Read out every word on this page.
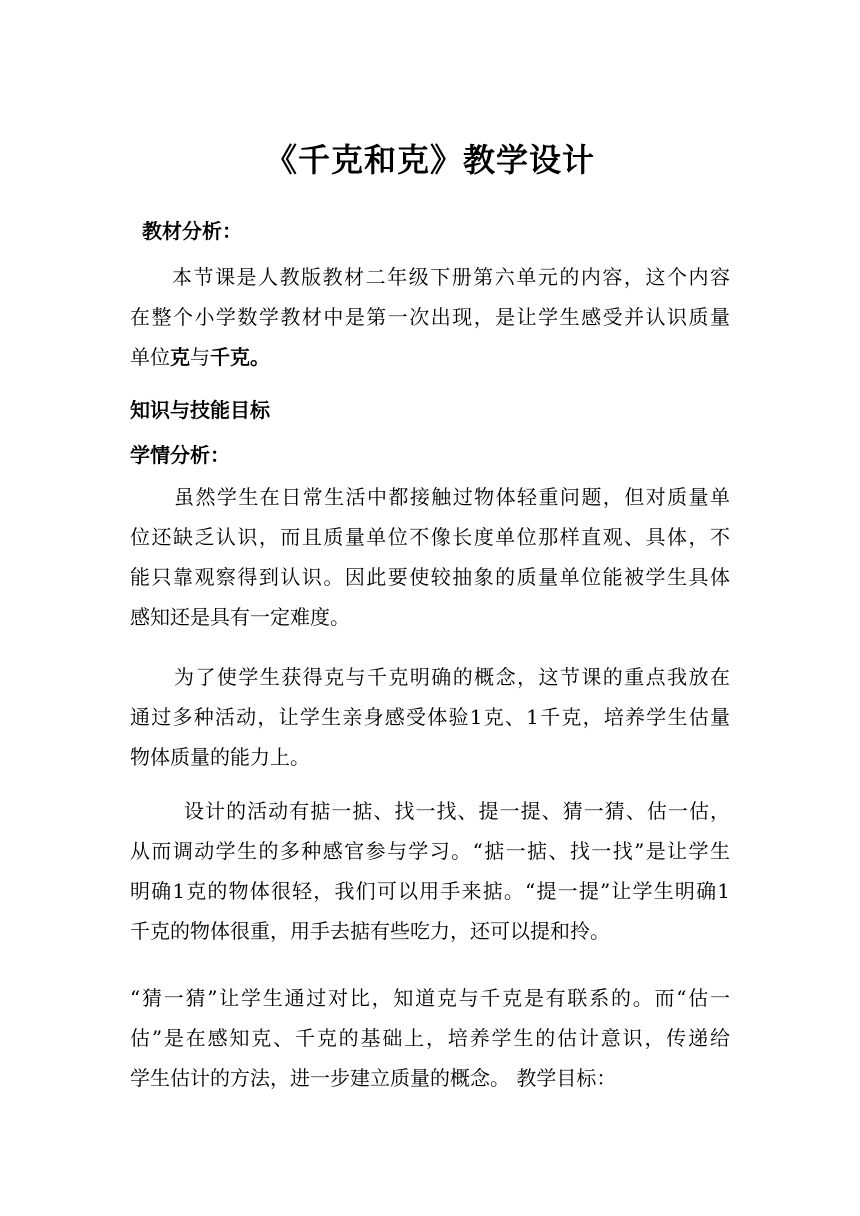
《千克和克》教学设计

教材分析：

本节课是人教版教材二年级下册第六单元的内容，这个内容
在整个小学数学教材中是第一次出现，是让学生感受并认识质量
单位克与千克。

知识与技能目标

学情分析：

虽然学生在日常生活中都接触过物体轻重问题，但对质量单
位还缺乏认识，而且质量单位不像长度单位那样直观、具体，不
能只靠观察得到认识。因此要使较抽象的质量单位能被学生具体
感知还是具有一定难度。
为了使学生获得克与千克明确的概念，这节课的重点我放在
通过多种活动，让学生亲身感受体验1克、1千克，培养学生估量
物体质量的能力上。
设计的活动有掂一掂、找一找、提一提、猜一猜、估一估，
从而调动学生的多种感官参与学习。“掂一掂、找一找”是让学生
明确1克的物体很轻，我们可以用手来掂。“提一提”让学生明确1
千克的物体很重，用手去掂有些吃力，还可以提和拎。
“猜一猜”让学生通过对比，知道克与千克是有联系的。而“估一
估”是在感知克、千克的基础上，培养学生的估计意识，传递给
学生估计的方法，进一步建立质量的概念。 教学目标：
